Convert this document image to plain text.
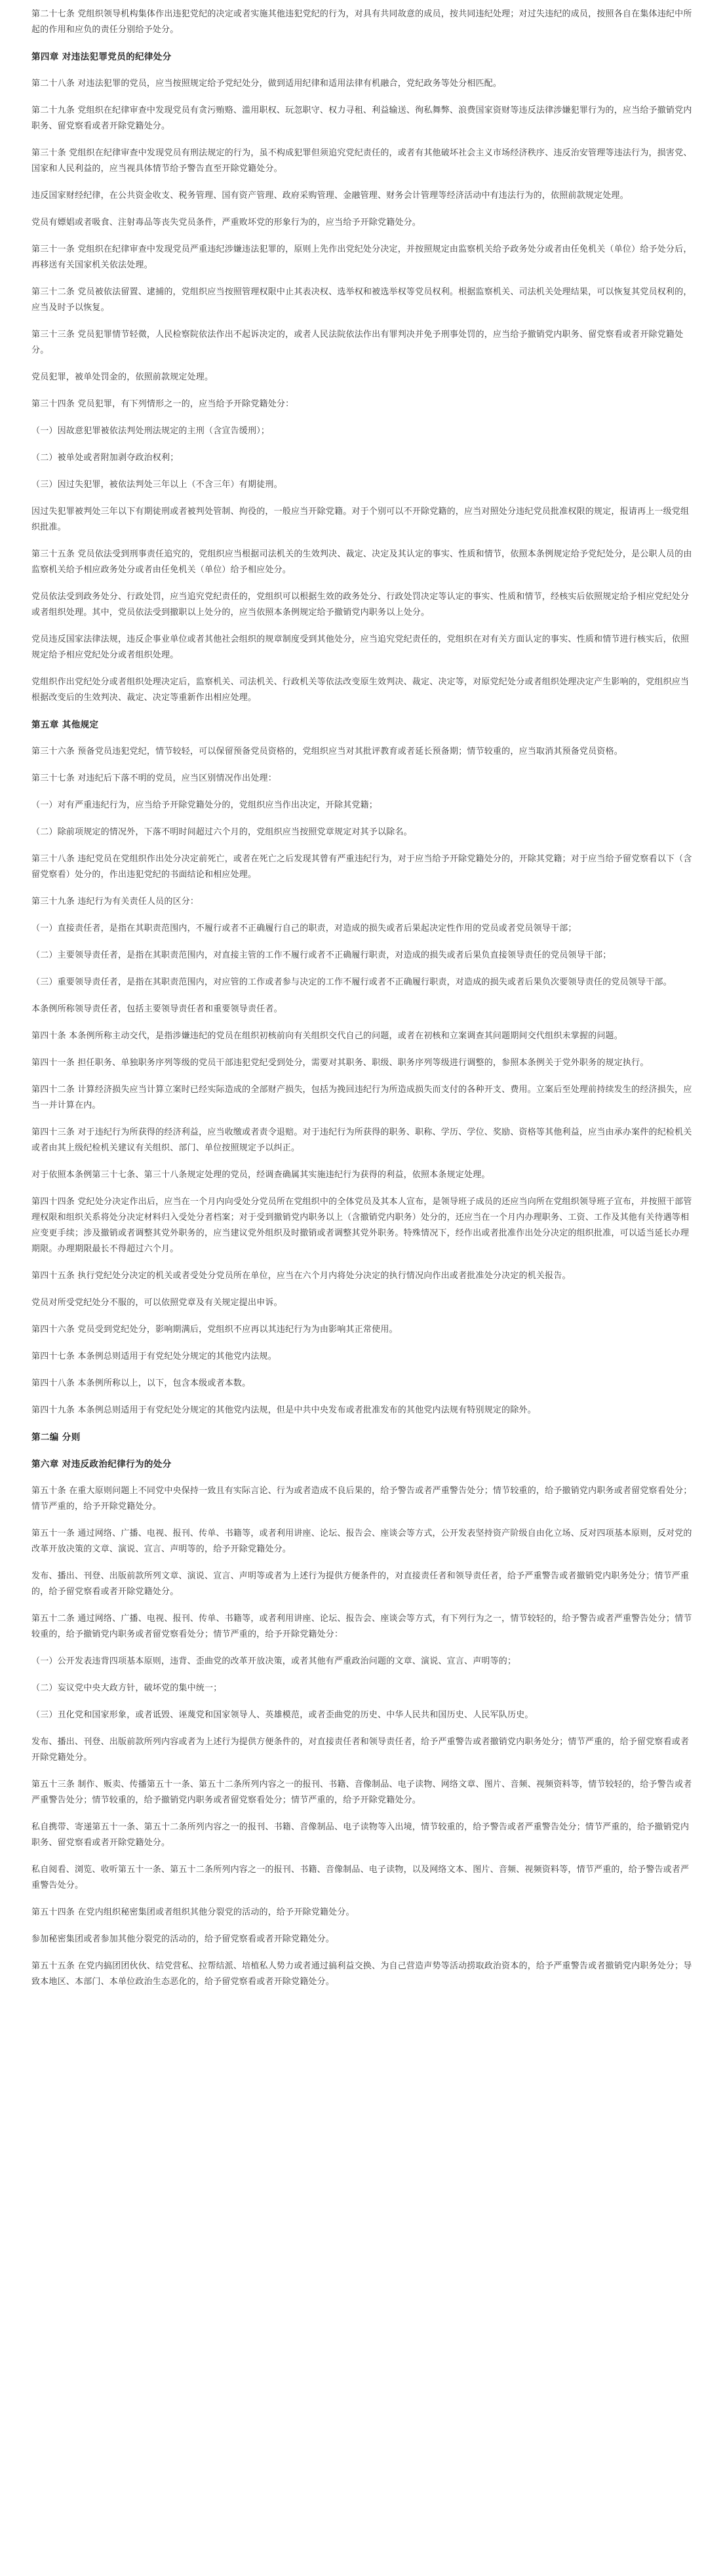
第二十七条 党组织领导机构集体作出违犯党纪的决定或者实施其他违犯党纪的行为，对具有共同故意的成员，按共同违纪处理；对过失违纪的成员，按照各自在集体违纪中所起的作用和应负的责任分别给予处分。
第四章 对违法犯罪党员的纪律处分
第二十八条 对违法犯罪的党员，应当按照规定给予党纪处分，做到适用纪律和适用法律有机融合，党纪政务等处分相匹配。
第二十九条 党组织在纪律审查中发现党员有贪污贿赂、滥用职权、玩忽职守、权力寻租、利益输送、徇私舞弊、浪费国家资财等违反法律涉嫌犯罪行为的，应当给予撤销党内职务、留党察看或者开除党籍处分。
第三十条 党组织在纪律审查中发现党员有刑法规定的行为，虽不构成犯罪但须追究党纪责任的，或者有其他破坏社会主义市场经济秩序、违反治安管理等违法行为，损害党、国家和人民利益的，应当视具体情节给予警告直至开除党籍处分。
违反国家财经纪律，在公共资金收支、税务管理、国有资产管理、政府采购管理、金融管理、财务会计管理等经济活动中有违法行为的，依照前款规定处理。
党员有嫖娼或者吸食、注射毒品等丧失党员条件，严重败坏党的形象行为的，应当给予开除党籍处分。
第三十一条 党组织在纪律审查中发现党员严重违纪涉嫌违法犯罪的，原则上先作出党纪处分决定，并按照规定由监察机关给予政务处分或者由任免机关（单位）给予处分后，再移送有关国家机关依法处理。
第三十二条 党员被依法留置、逮捕的，党组织应当按照管理权限中止其表决权、选举权和被选举权等党员权利。根据监察机关、司法机关处理结果，可以恢复其党员权利的，应当及时予以恢复。
第三十三条 党员犯罪情节轻微，人民检察院依法作出不起诉决定的，或者人民法院依法作出有罪判决并免予刑事处罚的，应当给予撤销党内职务、留党察看或者开除党籍处分。
党员犯罪，被单处罚金的，依照前款规定处理。
第三十四条 党员犯罪，有下列情形之一的，应当给予开除党籍处分：
（一）因故意犯罪被依法判处刑法规定的主刑（含宣告缓刑）；
（二）被单处或者附加剥夺政治权利；
（三）因过失犯罪，被依法判处三年以上（不含三年）有期徒刑。
因过失犯罪被判处三年以下有期徒刑或者被判处管制、拘役的，一般应当开除党籍。对于个别可以不开除党籍的，应当对照处分违纪党员批准权限的规定，报请再上一级党组织批准。
第三十五条 党员依法受到刑事责任追究的，党组织应当根据司法机关的生效判决、裁定、决定及其认定的事实、性质和情节，依照本条例规定给予党纪处分，是公职人员的由监察机关给予相应政务处分或者由任免机关（单位）给予相应处分。
党员依法受到政务处分、行政处罚，应当追究党纪责任的，党组织可以根据生效的政务处分、行政处罚决定等认定的事实、性质和情节，经核实后依照规定给予相应党纪处分或者组织处理。其中，党员依法受到撤职以上处分的，应当依照本条例规定给予撤销党内职务以上处分。
党员违反国家法律法规，违反企事业单位或者其他社会组织的规章制度受到其他处分，应当追究党纪责任的，党组织在对有关方面认定的事实、性质和情节进行核实后，依照规定给予相应党纪处分或者组织处理。
党组织作出党纪处分或者组织处理决定后，监察机关、司法机关、行政机关等依法改变原生效判决、裁定、决定等，对原党纪处分或者组织处理决定产生影响的，党组织应当根据改变后的生效判决、裁定、决定等重新作出相应处理。
第五章 其他规定
第三十六条 预备党员违犯党纪，情节较轻，可以保留预备党员资格的，党组织应当对其批评教育或者延长预备期；情节较重的，应当取消其预备党员资格。
第三十七条 对违纪后下落不明的党员，应当区别情况作出处理：
（一）对有严重违纪行为，应当给予开除党籍处分的，党组织应当作出决定，开除其党籍；
（二）除前项规定的情况外，下落不明时间超过六个月的，党组织应当按照党章规定对其予以除名。
第三十八条 违纪党员在党组织作出处分决定前死亡，或者在死亡之后发现其曾有严重违纪行为，对于应当给予开除党籍处分的，开除其党籍；对于应当给予留党察看以下（含留党察看）处分的，作出违犯党纪的书面结论和相应处理。
第三十九条 违纪行为有关责任人员的区分：
（一）直接责任者，是指在其职责范围内，不履行或者不正确履行自己的职责，对造成的损失或者后果起决定性作用的党员或者党员领导干部；
（二）主要领导责任者，是指在其职责范围内，对直接主管的工作不履行或者不正确履行职责，对造成的损失或者后果负直接领导责任的党员领导干部；
（三）重要领导责任者，是指在其职责范围内，对应管的工作或者参与决定的工作不履行或者不正确履行职责，对造成的损失或者后果负次要领导责任的党员领导干部。
本条例所称领导责任者，包括主要领导责任者和重要领导责任者。
第四十条 本条例所称主动交代，是指涉嫌违纪的党员在组织初核前向有关组织交代自己的问题，或者在初核和立案调查其问题期间交代组织未掌握的问题。
第四十一条 担任职务、单独职务序列等级的党员干部违犯党纪受到处分，需要对其职务、职级、职务序列等级进行调整的，参照本条例关于党外职务的规定执行。
第四十二条 计算经济损失应当计算立案时已经实际造成的全部财产损失，包括为挽回违纪行为所造成损失而支付的各种开支、费用。立案后至处理前持续发生的经济损失，应当一并计算在内。
第四十三条 对于违纪行为所获得的经济利益，应当收缴或者责令退赔。对于违纪行为所获得的职务、职称、学历、学位、奖励、资格等其他利益，应当由承办案件的纪检机关或者由其上级纪检机关建议有关组织、部门、单位按照规定予以纠正。
对于依照本条例第三十七条、第三十八条规定处理的党员，经调查确属其实施违纪行为获得的利益，依照本条规定处理。
第四十四条 党纪处分决定作出后，应当在一个月内向受处分党员所在党组织中的全体党员及其本人宣布，是领导班子成员的还应当向所在党组织领导班子宣布，并按照干部管理权限和组织关系将处分决定材料归入受处分者档案；对于受到撤销党内职务以上（含撤销党内职务）处分的，还应当在一个月内办理职务、工资、工作及其他有关待遇等相应变更手续；涉及撤销或者调整其党外职务的，应当建议党外组织及时撤销或者调整其党外职务。特殊情况下，经作出或者批准作出处分决定的组织批准，可以适当延长办理期限。办理期限最长不得超过六个月。
第四十五条 执行党纪处分决定的机关或者受处分党员所在单位，应当在六个月内将处分决定的执行情况向作出或者批准处分决定的机关报告。
党员对所受党纪处分不服的，可以依照党章及有关规定提出申诉。
第四十六条 党员受到党纪处分，影响期满后，党组织不应再以其违纪行为为由影响其正常使用。
第四十七条 本条例总则适用于有党纪处分规定的其他党内法规。
第四十八条 本条例所称以上，以下，包含本级或者本数。
第四十九条 本条例总则适用于有党纪处分规定的其他党内法规，但是中共中央发布或者批准发布的其他党内法规有特别规定的除外。
第二编 分则
第六章 对违反政治纪律行为的处分
第五十条 在重大原则问题上不同党中央保持一致且有实际言论、行为或者造成不良后果的，给予警告或者严重警告处分；情节较重的，给予撤销党内职务或者留党察看处分；情节严重的，给予开除党籍处分。
第五十一条 通过网络、广播、电视、报刊、传单、书籍等，或者利用讲座、论坛、报告会、座谈会等方式，公开发表坚持资产阶级自由化立场、反对四项基本原则，反对党的改革开放决策的文章、演说、宣言、声明等的，给予开除党籍处分。
发布、播出、刊登、出版前款所列文章、演说、宣言、声明等或者为上述行为提供方便条件的，对直接责任者和领导责任者，给予严重警告或者撤销党内职务处分；情节严重的，给予留党察看或者开除党籍处分。
第五十二条 通过网络、广播、电视、报刊、传单、书籍等，或者利用讲座、论坛、报告会、座谈会等方式，有下列行为之一，情节较轻的，给予警告或者严重警告处分；情节较重的，给予撤销党内职务或者留党察看处分；情节严重的，给予开除党籍处分：
（一）公开发表违背四项基本原则，违背、歪曲党的改革开放决策，或者其他有严重政治问题的文章、演说、宣言、声明等的；
（二）妄议党中央大政方针，破坏党的集中统一；
（三）丑化党和国家形象，或者诋毁、诬蔑党和国家领导人、英雄模范，或者歪曲党的历史、中华人民共和国历史、人民军队历史。
发布、播出、刊登、出版前款所列内容或者为上述行为提供方便条件的，对直接责任者和领导责任者，给予严重警告或者撤销党内职务处分；情节严重的，给予留党察看或者开除党籍处分。
第五十三条 制作、贩卖、传播第五十一条、第五十二条所列内容之一的报刊、书籍、音像制品、电子读物、网络文章、图片、音频、视频资料等，情节较轻的，给予警告或者严重警告处分；情节较重的，给予撤销党内职务或者留党察看处分；情节严重的，给予开除党籍处分。
私自携带、寄递第五十一条、第五十二条所列内容之一的报刊、书籍、音像制品、电子读物等入出境，情节较重的，给予警告或者严重警告处分；情节严重的，给予撤销党内职务、留党察看或者开除党籍处分。
私自阅看、浏览、收听第五十一条、第五十二条所列内容之一的报刊、书籍、音像制品、电子读物，以及网络文本、图片、音频、视频资料等，情节严重的，给予警告或者严重警告处分。
第五十四条 在党内组织秘密集团或者组织其他分裂党的活动的，给予开除党籍处分。
参加秘密集团或者参加其他分裂党的活动的，给予留党察看或者开除党籍处分。
第五十五条 在党内搞团团伙伙、结党营私、拉帮结派、培植私人势力或者通过搞利益交换、为自己营造声势等活动捞取政治资本的，给予严重警告或者撤销党内职务处分；导致本地区、本部门、本单位政治生态恶化的，给予留党察看或者开除党籍处分。
